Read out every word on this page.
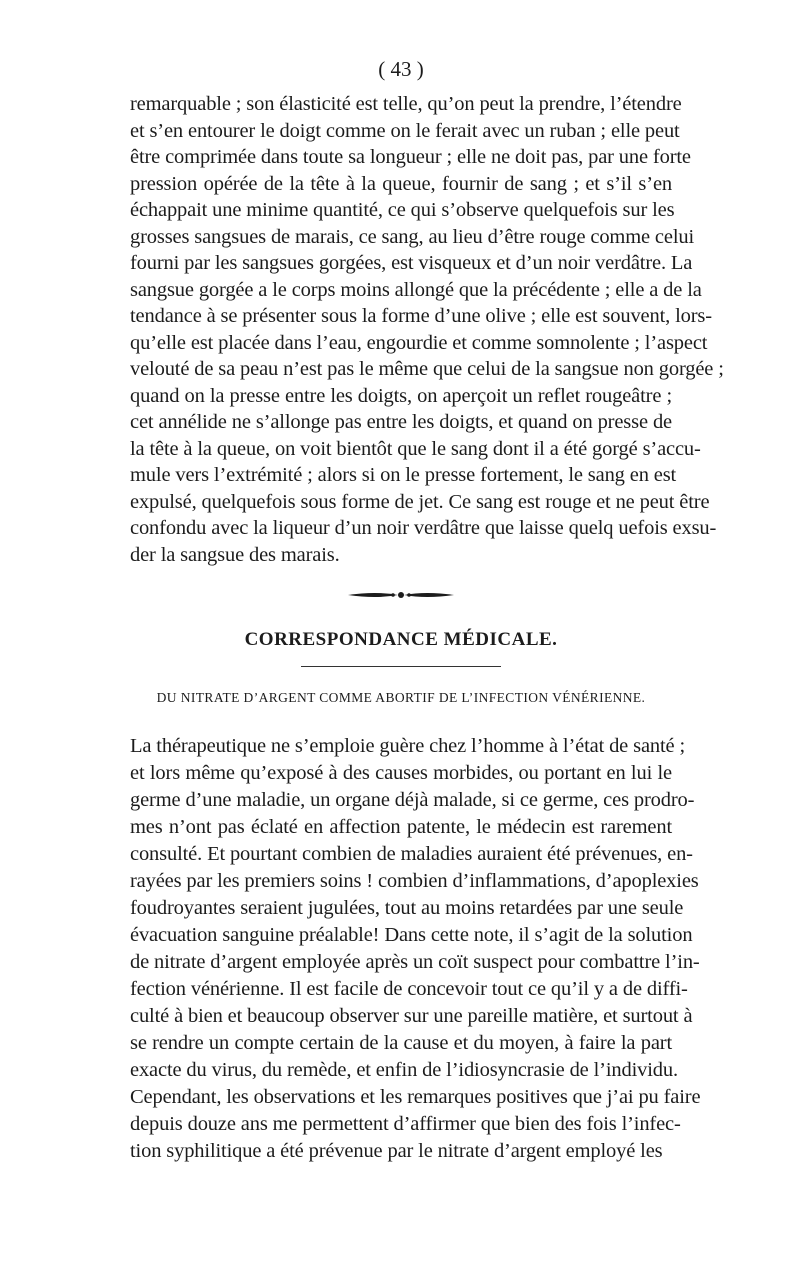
( 43 )
remarquable ; son élasticité est telle, qu’on peut la prendre, l’étendre
et s’en entourer le doigt comme on le ferait avec un ruban ; elle peut
être comprimée dans toute sa longueur ; elle ne doit pas, par une forte
pression opérée de la tête à la queue, fournir de sang ; et s’il s’en
échappait une minime quantité, ce qui s’observe quelquefois sur les
grosses sangsues de marais, ce sang, au lieu d’être rouge comme celui
fourni par les sangsues gorgées, est visqueux et d’un noir verdâtre. La
sangsue gorgée a le corps moins allongé que la précédente ; elle a de la
tendance à se présenter sous la forme d’une olive ; elle est souvent, lors-
qu’elle est placée dans l’eau, engourdie et comme somnolente ; l’aspect
velouté de sa peau n’est pas le même que celui de la sangsue non gorgée ;
quand on la presse entre les doigts, on aperçoit un reflet rougeâtre ;
cet annélide ne s’allonge pas entre les doigts, et quand on presse de
la tête à la queue, on voit bientôt que le sang dont il a été gorgé s’accu-
mule vers l’extrémité ; alors si on le presse fortement, le sang en est
expulsé, quelquefois sous forme de jet. Ce sang est rouge et ne peut être
confondu avec la liqueur d’un noir verdâtre que laisse quelq uefois exsu-
der la sangsue des marais.
CORRESPONDANCE MÉDICALE.
DU NITRATE D’ARGENT COMME ABORTIF DE L’INFECTION VÉNÉRIENNE.
La thérapeutique ne s’emploie guère chez l’homme à l’état de santé ;
et lors même qu’exposé à des causes morbides, ou portant en lui le
germe d’une maladie, un organe déjà malade, si ce germe, ces prodro-
mes n’ont pas éclaté en affection patente, le médecin est rarement
consulté. Et pourtant combien de maladies auraient été prévenues, en-
rayées par les premiers soins ! combien d’inflammations, d’apoplexies
foudroyantes seraient jugulées, tout au moins retardées par une seule
évacuation sanguine préalable! Dans cette note, il s’agit de la solution
de nitrate d’argent employée après un coït suspect pour combattre l’in-
fection vénérienne. Il est facile de concevoir tout ce qu’il y a de diffi-
culté à bien et beaucoup observer sur une pareille matière, et surtout à
se rendre un compte certain de la cause et du moyen, à faire la part
exacte du virus, du remède, et enfin de l’idiosyncrasie de l’individu.
Cependant, les observations et les remarques positives que j’ai pu faire
depuis douze ans me permettent d’affirmer que bien des fois l’infec-
tion syphilitique a été prévenue par le nitrate d’argent employé les
